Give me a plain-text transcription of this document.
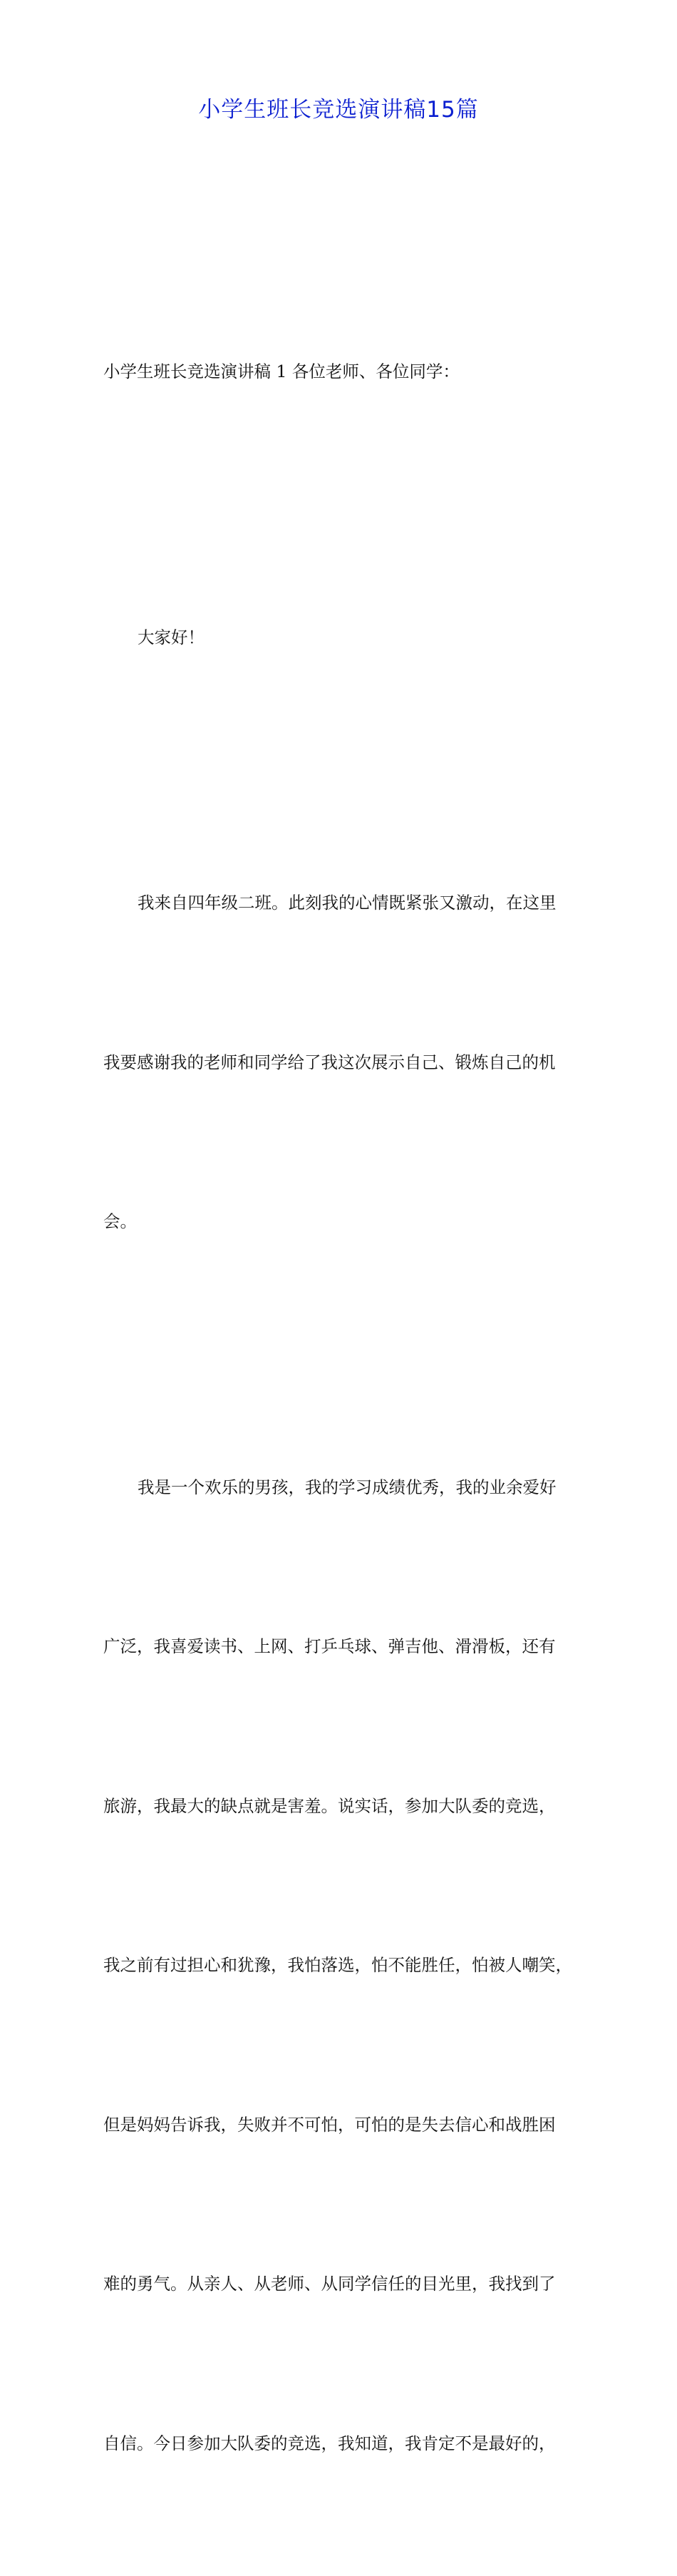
小学生班长竞选演讲稿15篇

小学生班长竞选演讲稿 1 各位老师、各位同学：

大家好！

我来自四年级二班。此刻我的心情既紧张又激动，在这里

我要感谢我的老师和同学给了我这次展示自己、锻炼自己的机

会。

我是一个欢乐的男孩，我的学习成绩优秀，我的业余爱好

广泛，我喜爱读书、上网、打乒乓球、弹吉他、滑滑板，还有

旅游，我最大的缺点就是害羞。说实话，参加大队委的竞选，

我之前有过担心和犹豫，我怕落选，怕不能胜任，怕被人嘲笑，

但是妈妈告诉我，失败并不可怕，可怕的是失去信心和战胜困

难的勇气。从亲人、从老师、从同学信任的目光里，我找到了

自信。今日参加大队委的竞选，我知道，我肯定不是最好的，
